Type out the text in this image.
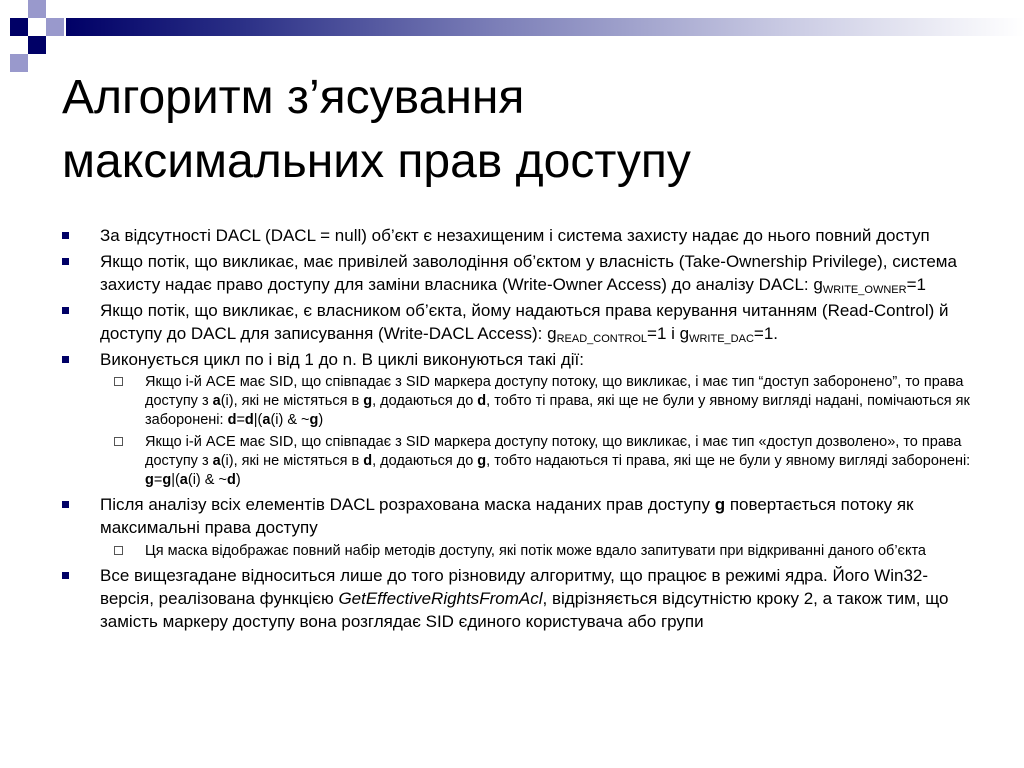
Алгоритм з’ясування
максимальних прав доступу
За відсутності DACL (DACL = null) об’єкт є незахищеним і система захисту надає до нього повний доступ
Якщо потік, що викликає, має привілей заволодіння об’єктом у власність (Take-Ownership Privilege), система захисту надає право доступу для заміни власника (Write-Owner Access) до аналізу DACL: $g_{WRITE\_OWNER}=1$
Якщо потік, що викликає, є власником об’єкта, йому надаються права керування читанням (Read-Control) й доступу до DACL для записування (Write-DACL Access): $g_{READ\_CONTROL}=1$ і $g_{WRITE\_DAC}=1$.
Виконується цикл по i від 1 до n. В циклі виконуються такі дії:
Якщо i-й ACE має SID, що співпадає з SID маркера доступу потоку, що викликає, і має тип “доступ заборонено”, то права доступу з a(i), які не містяться в g, додаються до d, тобто ті права, які ще не були у явному вигляді надані, помічаються як заборонені: d=d|(a(i) & ~g)
Якщо i-й ACE має SID, що співпадає з SID маркера доступу потоку, що викликає, і має тип «доступ дозволено», то права доступу з a(i), які не містяться в d, додаються до g, тобто надаються ті права, які ще не були у явному вигляді заборонені: g=g|(a(i) & ~d)
Після аналізу всіх елементів DACL розрахована маска наданих прав доступу g повертається потоку як максимальні права доступу
Ця маска відображає повний набір методів доступу, які потік може вдало запитувати при відкриванні даного об’єкта
Все вищезгадане відноситься лише до того різновиду алгоритму, що працює в режимі ядра. Його Win32-версія, реалізована функцією GetEffectiveRightsFromAcl, відрізняється відсутністю кроку 2, а також тим, що замість маркеру доступу вона розглядає SID єдиного користувача або групи
